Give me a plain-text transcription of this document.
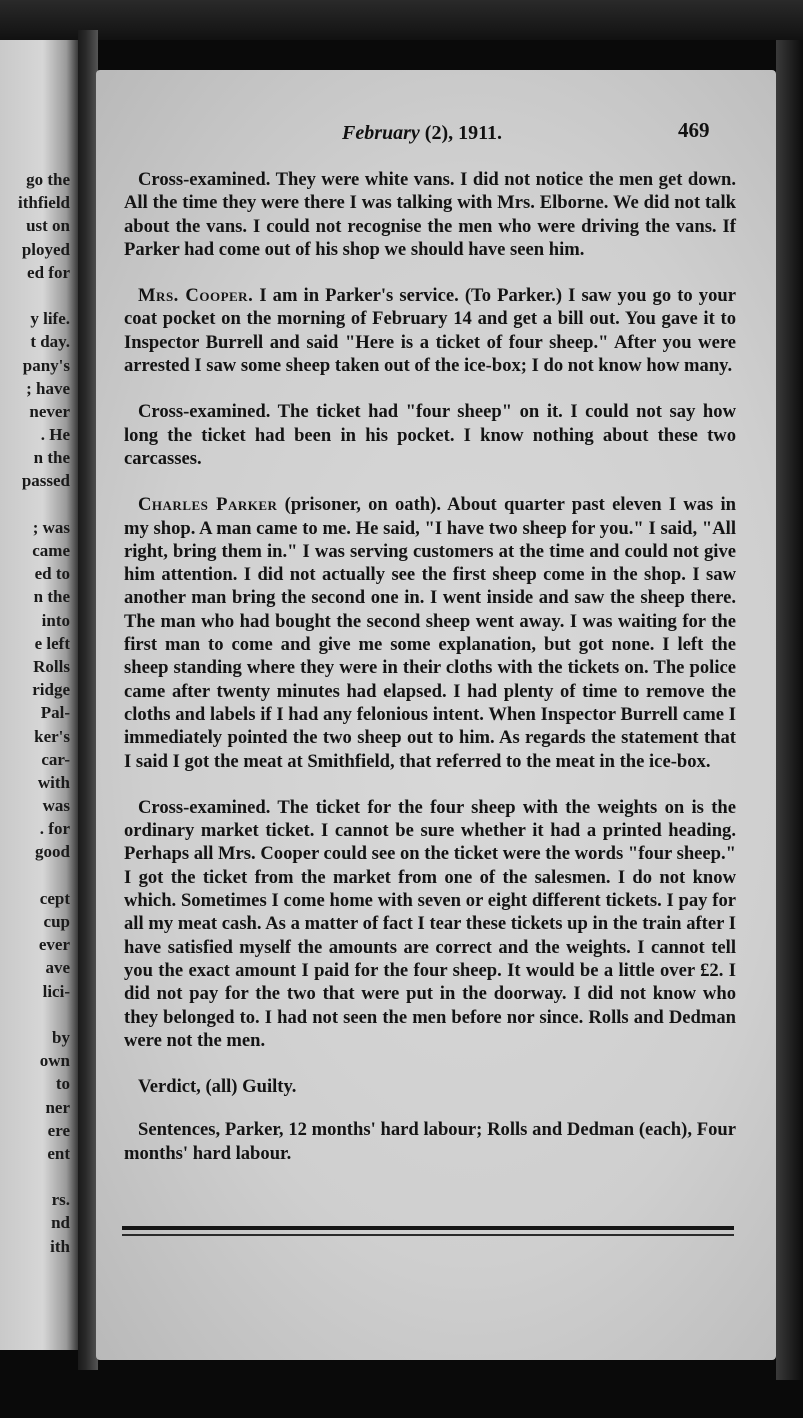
go the
ithfield
ust on
ployed
ed for
y life.
t day.
pany's
; have
never
. He
n the
passed
; was
came
ed to
n the
into
e left
Rolls
ridge
Pal-
ker's
car-
with
was
. for
good
cept
cup
ever
ave
lici-
by
own
to
ner
ere
ent
rs.
nd
ith
February (2), 1911.	469

Cross-examined. They were white vans. I did not notice the men get down. All the time they were there I was talking with Mrs. Elborne. We did not talk about the vans. I could not recognise the men who were driving the vans. If Parker had come out of his shop we should have seen him.

Mrs. Cooper. I am in Parker's service. (To Parker.) I saw you go to your coat pocket on the morning of February 14 and get a bill out. You gave it to Inspector Burrell and said "Here is a ticket of four sheep." After you were arrested I saw some sheep taken out of the ice-box; I do not know how many.

Cross-examined. The ticket had "four sheep" on it. I could not say how long the ticket had been in his pocket. I know nothing about these two carcasses.

Charles Parker (prisoner, on oath). About quarter past eleven I was in my shop. A man came to me. He said, "I have two sheep for you." I said, "All right, bring them in." I was serving customers at the time and could not give him attention. I did not actually see the first sheep come in the shop. I saw another man bring the second one in. I went inside and saw the sheep there. The man who had bought the second sheep went away. I was waiting for the first man to come and give me some explanation, but got none. I left the sheep standing where they were in their cloths with the tickets on. The police came after twenty minutes had elapsed. I had plenty of time to remove the cloths and labels if I had any felonious intent. When Inspector Burrell came I immediately pointed the two sheep out to him. As regards the statement that I said I got the meat at Smithfield, that referred to the meat in the ice-box.

Cross-examined. The ticket for the four sheep with the weights on is the ordinary market ticket. I cannot be sure whether it had a printed heading. Perhaps all Mrs. Cooper could see on the ticket were the words "four sheep." I got the ticket from the market from one of the salesmen. I do not know which. Sometimes I come home with seven or eight different tickets. I pay for all my meat cash. As a matter of fact I tear these tickets up in the train after I have satisfied myself the amounts are correct and the weights. I cannot tell you the exact amount I paid for the four sheep. It would be a little over £2. I did not pay for the two that were put in the doorway. I did not know who they belonged to. I had not seen the men before nor since. Rolls and Dedman were not the men.

Verdict, (all) Guilty.

Sentences, Parker, 12 months' hard labour; Rolls and Dedman (each), Four months' hard labour.
